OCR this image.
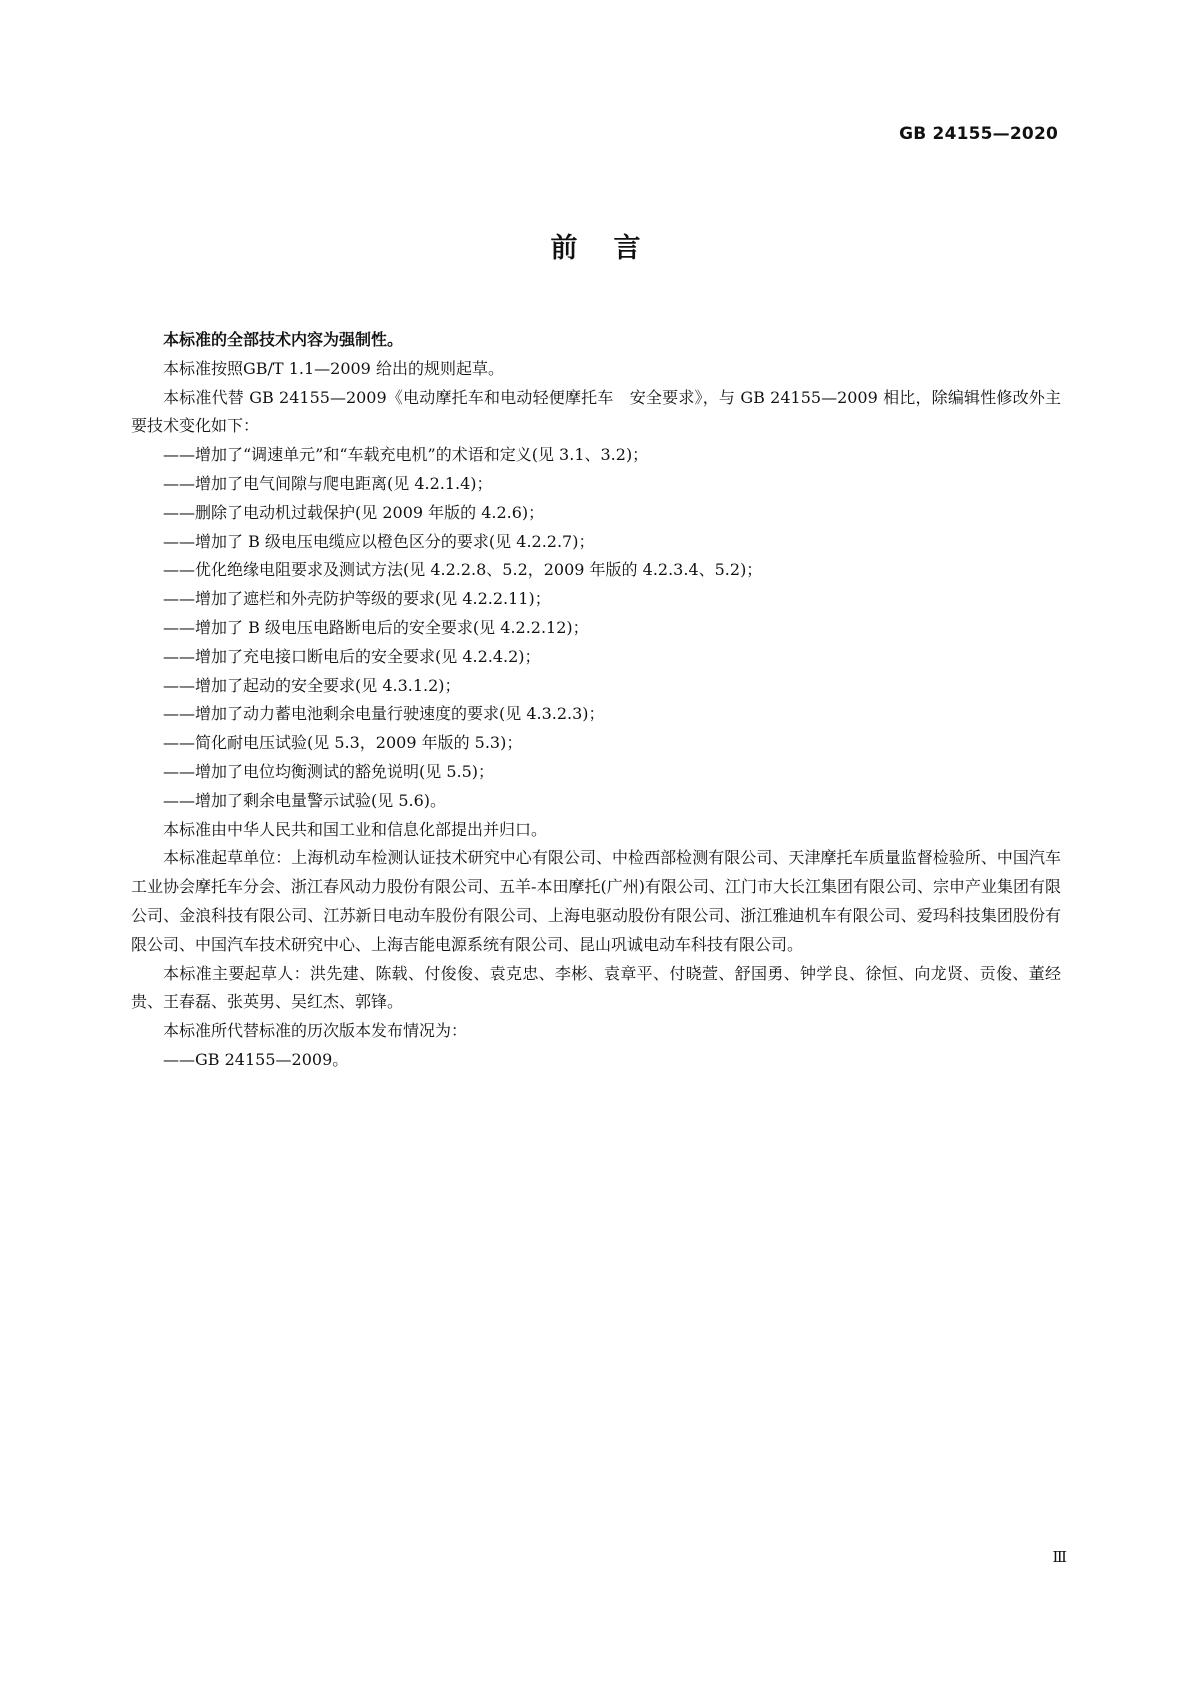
GB 24155—2020
前言

本标准的全部技术内容为强制性。

本标准按照GB/T 1.1—2009 给出的规则起草。

本标准代替 GB 24155—2009《电动摩托车和电动轻便摩托车　安全要求》，与 GB 24155—2009 相比，除编辑性修改外主要技术变化如下：

——增加了“调速单元”和“车载充电机”的术语和定义(见 3.1、3.2)；
——增加了电气间隙与爬电距离(见 4.2.1.4)；
——删除了电动机过载保护(见 2009 年版的 4.2.6)；
——增加了 B 级电压电缆应以橙色区分的要求(见 4.2.2.7)；
——优化绝缘电阻要求及测试方法(见 4.2.2.8、5.2，2009 年版的 4.2.3.4、5.2)；
——增加了遮栏和外壳防护等级的要求(见 4.2.2.11)；
——增加了 B 级电压电路断电后的安全要求(见 4.2.2.12)；
——增加了充电接口断电后的安全要求(见 4.2.4.2)；
——增加了起动的安全要求(见 4.3.1.2)；
——增加了动力蓄电池剩余电量行驶速度的要求(见 4.3.2.3)；
——简化耐电压试验(见 5.3，2009 年版的 5.3)；
——增加了电位均衡测试的豁免说明(见 5.5)；
——增加了剩余电量警示试验(见 5.6)。

本标准由中华人民共和国工业和信息化部提出并归口。

本标准起草单位：上海机动车检测认证技术研究中心有限公司、中检西部检测有限公司、天津摩托车质量监督检验所、中国汽车工业协会摩托车分会、浙江春风动力股份有限公司、五羊-本田摩托(广州)有限公司、江门市大长江集团有限公司、宗申产业集团有限公司、金浪科技有限公司、江苏新日电动车股份有限公司、上海电驱动股份有限公司、浙江雅迪机车有限公司、爱玛科技集团股份有限公司、中国汽车技术研究中心、上海吉能电源系统有限公司、昆山巩诚电动车科技有限公司。

本标准主要起草人：洪先建、陈载、付俊俊、袁克忠、李彬、袁章平、付晓萱、舒国勇、钟学良、徐恒、向龙贤、贡俊、董经贵、王春磊、张英男、吴红杰、郭锋。

本标准所代替标准的历次版本发布情况为：

——GB 24155—2009。

Ⅲ
